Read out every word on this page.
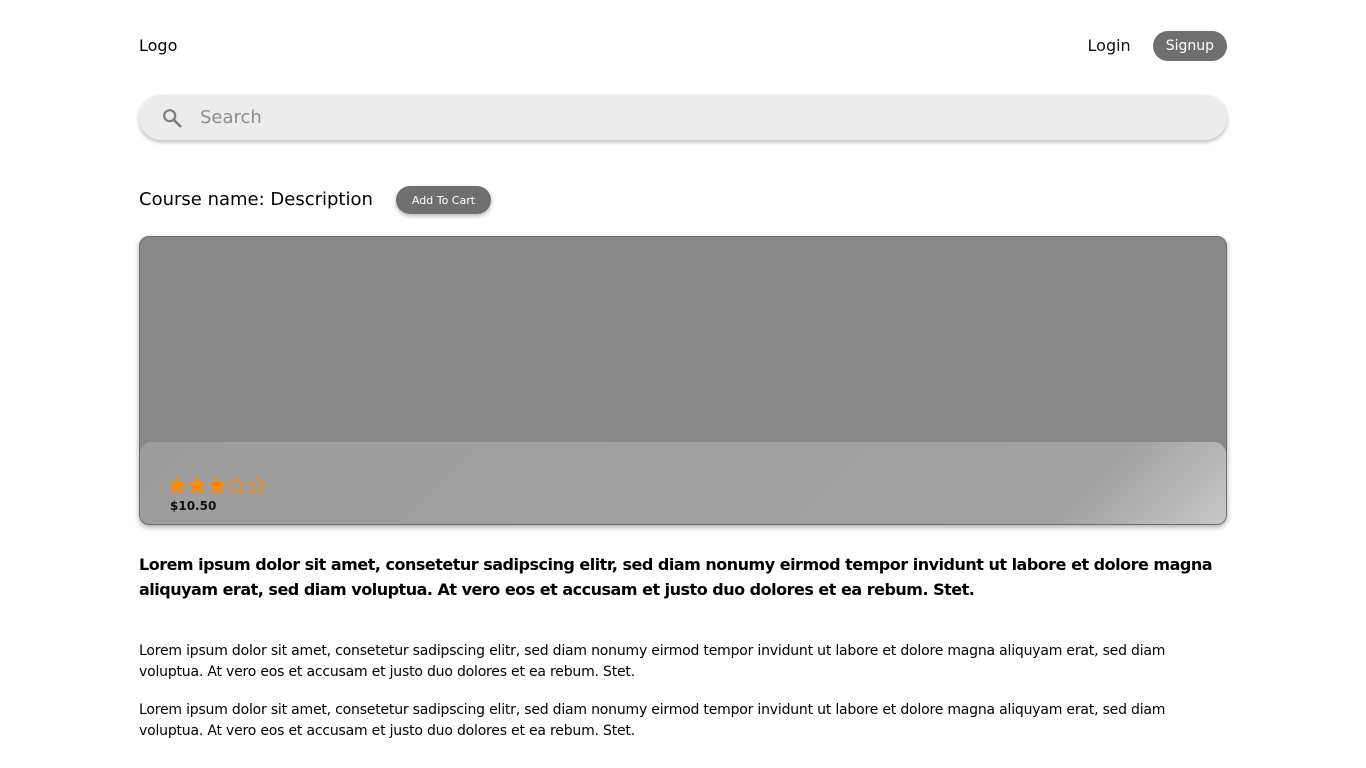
Logo	Login	Signup
Search
Course name: Description	Add To Cart
$10.50

Lorem ipsum dolor sit amet, consetetur sadipscing elitr, sed diam nonumy eirmod tempor invidunt ut labore et dolore magna aliquyam erat, sed diam voluptua. At vero eos et accusam et justo duo dolores et ea rebum. Stet.

Lorem ipsum dolor sit amet, consetetur sadipscing elitr, sed diam nonumy eirmod tempor invidunt ut labore et dolore magna aliquyam erat, sed diam voluptua. At vero eos et accusam et justo duo dolores et ea rebum. Stet.

Lorem ipsum dolor sit amet, consetetur sadipscing elitr, sed diam nonumy eirmod tempor invidunt ut labore et dolore magna aliquyam erat, sed diam voluptua. At vero eos et accusam et justo duo dolores et ea rebum. Stet.
